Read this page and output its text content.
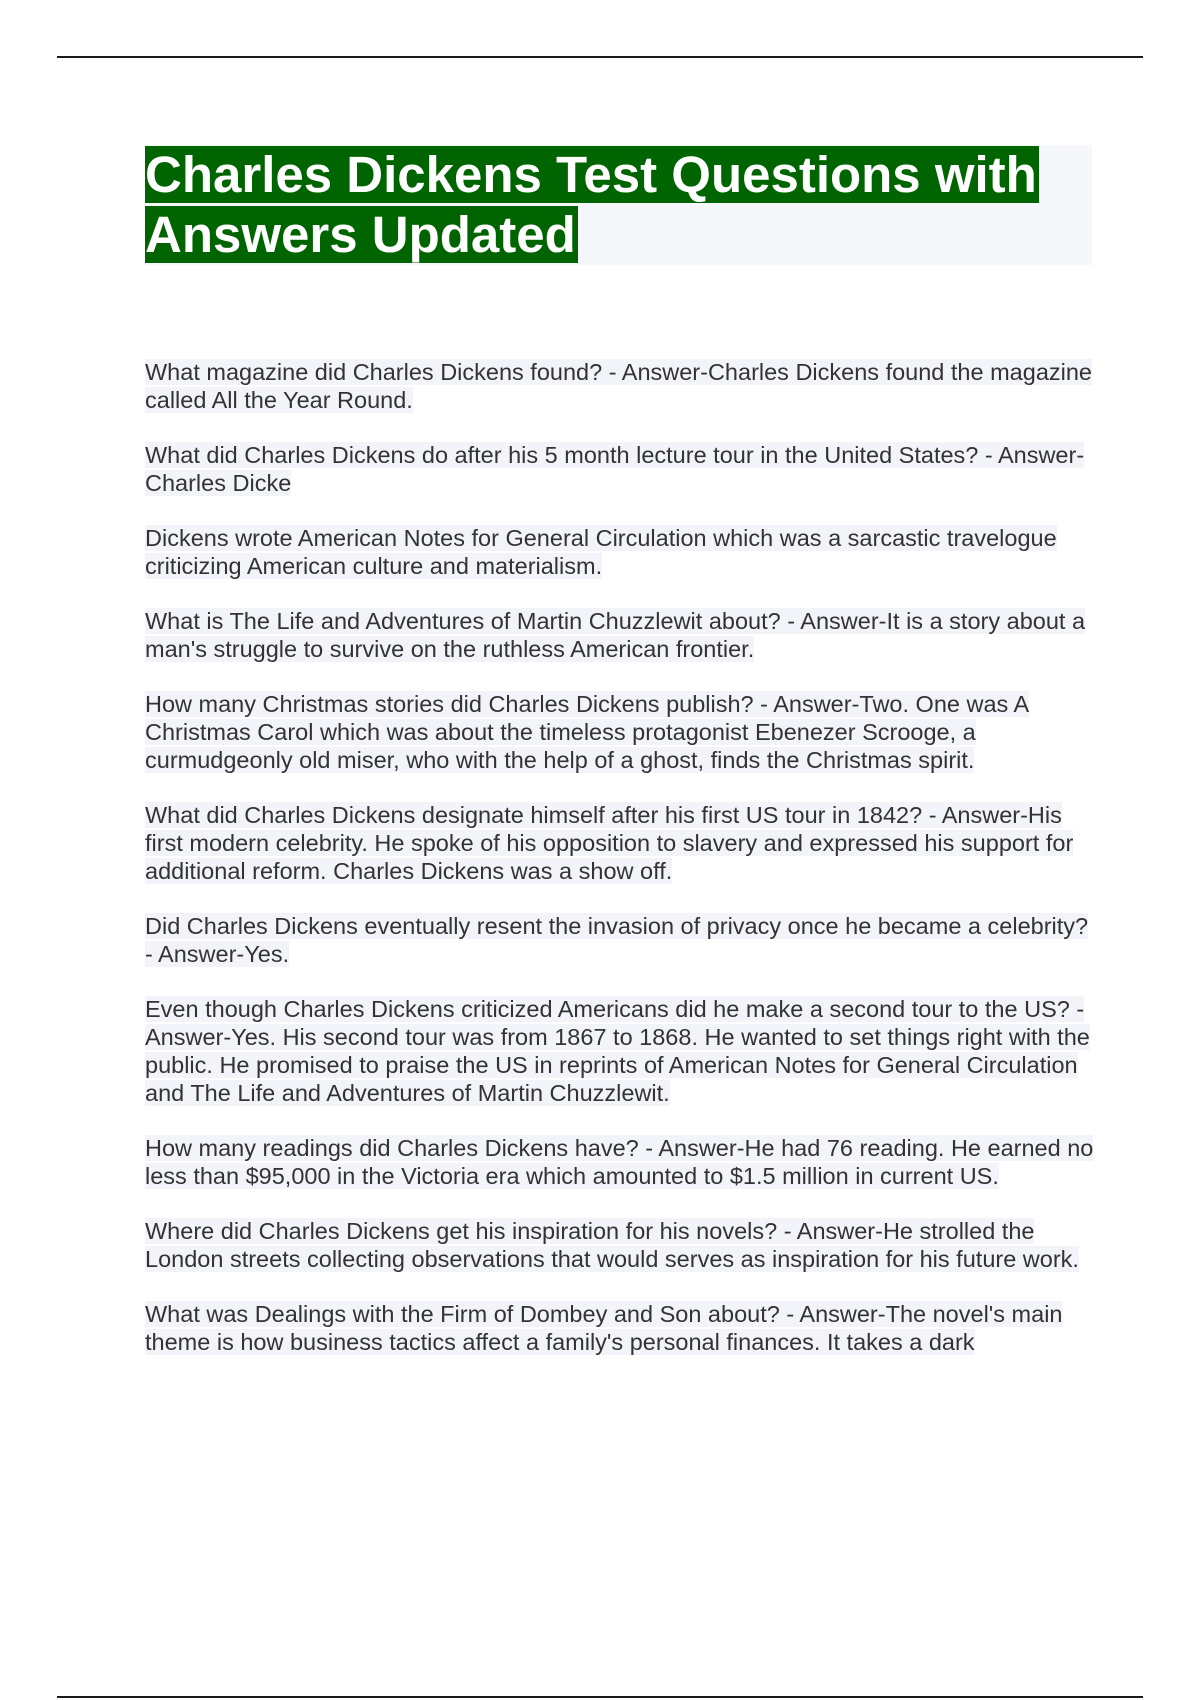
Charles Dickens Test Questions with Answers Updated
What magazine did Charles Dickens found? - Answer-Charles Dickens found the magazine called All the Year Round.
What did Charles Dickens do after his 5 month lecture tour in the United States? - Answer-Charles Dicke
Dickens wrote American Notes for General Circulation which was a sarcastic travelogue criticizing American culture and materialism.
What is The Life and Adventures of Martin Chuzzlewit about? - Answer-It is a story about a man's struggle to survive on the ruthless American frontier.
How many Christmas stories did Charles Dickens publish? - Answer-Two. One was A Christmas Carol which was about the timeless protagonist Ebenezer Scrooge, a curmudgeonly old miser, who with the help of a ghost, finds the Christmas spirit.
What did Charles Dickens designate himself after his first US tour in 1842? - Answer-His first modern celebrity. He spoke of his opposition to slavery and expressed his support for additional reform. Charles Dickens was a show off.
Did Charles Dickens eventually resent the invasion of privacy once he became a celebrity? - Answer-Yes.
Even though Charles Dickens criticized Americans did he make a second tour to the US? - Answer-Yes. His second tour was from 1867 to 1868. He wanted to set things right with the public. He promised to praise the US in reprints of American Notes for General Circulation and The Life and Adventures of Martin Chuzzlewit.
How many readings did Charles Dickens have? - Answer-He had 76 reading. He earned no less than $95,000 in the Victoria era which amounted to $1.5 million in current US.
Where did Charles Dickens get his inspiration for his novels? - Answer-He strolled the London streets collecting observations that would serves as inspiration for his future work.
What was Dealings with the Firm of Dombey and Son about? - Answer-The novel's main theme is how business tactics affect a family's personal finances. It takes a dark
